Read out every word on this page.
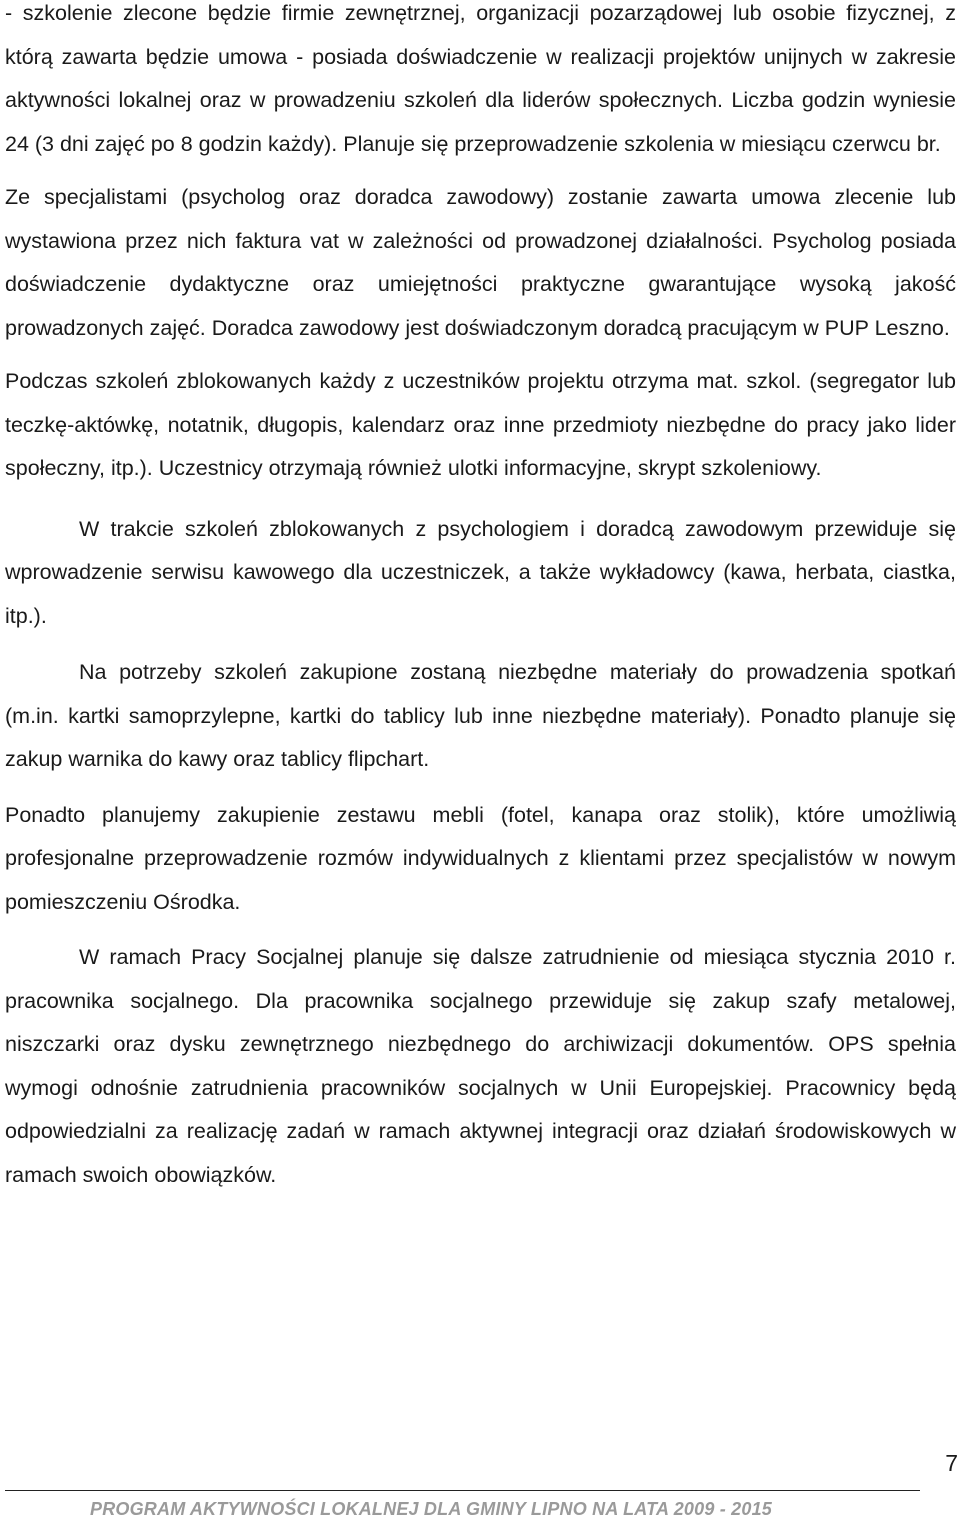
- szkolenie zlecone będzie firmie zewnętrznej, organizacji pozarządowej lub osobie fizycznej, z którą zawarta będzie umowa - posiada doświadczenie w realizacji projektów unijnych w zakresie aktywności lokalnej oraz w prowadzeniu szkoleń dla liderów społecznych. Liczba godzin wyniesie 24 (3 dni zajęć po 8 godzin każdy). Planuje się przeprowadzenie szkolenia w miesiącu czerwcu br.

Ze specjalistami (psycholog oraz doradca zawodowy) zostanie zawarta umowa zlecenie lub wystawiona przez nich faktura vat w zależności od prowadzonej działalności. Psycholog posiada doświadczenie dydaktyczne oraz umiejętności praktyczne gwarantujące wysoką jakość prowadzonych zajęć. Doradca zawodowy jest doświadczonym doradcą pracującym w PUP Leszno.

Podczas szkoleń zblokowanych każdy z uczestników projektu otrzyma mat. szkol. (segregator lub teczkę-aktówkę, notatnik, długopis, kalendarz oraz inne przedmioty niezbędne do pracy jako lider społeczny, itp.). Uczestnicy otrzymają również ulotki informacyjne, skrypt szkoleniowy.

W trakcie szkoleń zblokowanych z psychologiem i doradcą zawodowym przewiduje się wprowadzenie serwisu kawowego dla uczestniczek, a także wykładowcy (kawa, herbata, ciastka, itp.).

Na potrzeby szkoleń zakupione zostaną niezbędne materiały do prowadzenia spotkań (m.in. kartki samoprzylepne, kartki do tablicy lub inne niezbędne materiały). Ponadto planuje się zakup warnika do kawy oraz tablicy flipchart.

Ponadto planujemy zakupienie zestawu mebli (fotel, kanapa oraz stolik), które umożliwią profesjonalne przeprowadzenie rozmów indywidualnych z klientami przez specjalistów w nowym pomieszczeniu Ośrodka.

W ramach Pracy Socjalnej planuje się dalsze zatrudnienie od miesiąca stycznia 2010 r. pracownika socjalnego. Dla pracownika socjalnego przewiduje się zakup szafy metalowej, niszczarki oraz dysku zewnętrznego niezbędnego do archiwizacji dokumentów. OPS spełnia wymogi odnośnie zatrudnienia pracowników socjalnych w Unii Europejskiej. Pracownicy będą odpowiedzialni za realizację zadań w ramach aktywnej integracji oraz działań środowiskowych w ramach swoich obowiązków.

7
PROGRAM AKTYWNOŚCI LOKALNEJ DLA GMINY LIPNO NA LATA 2009 - 2015
